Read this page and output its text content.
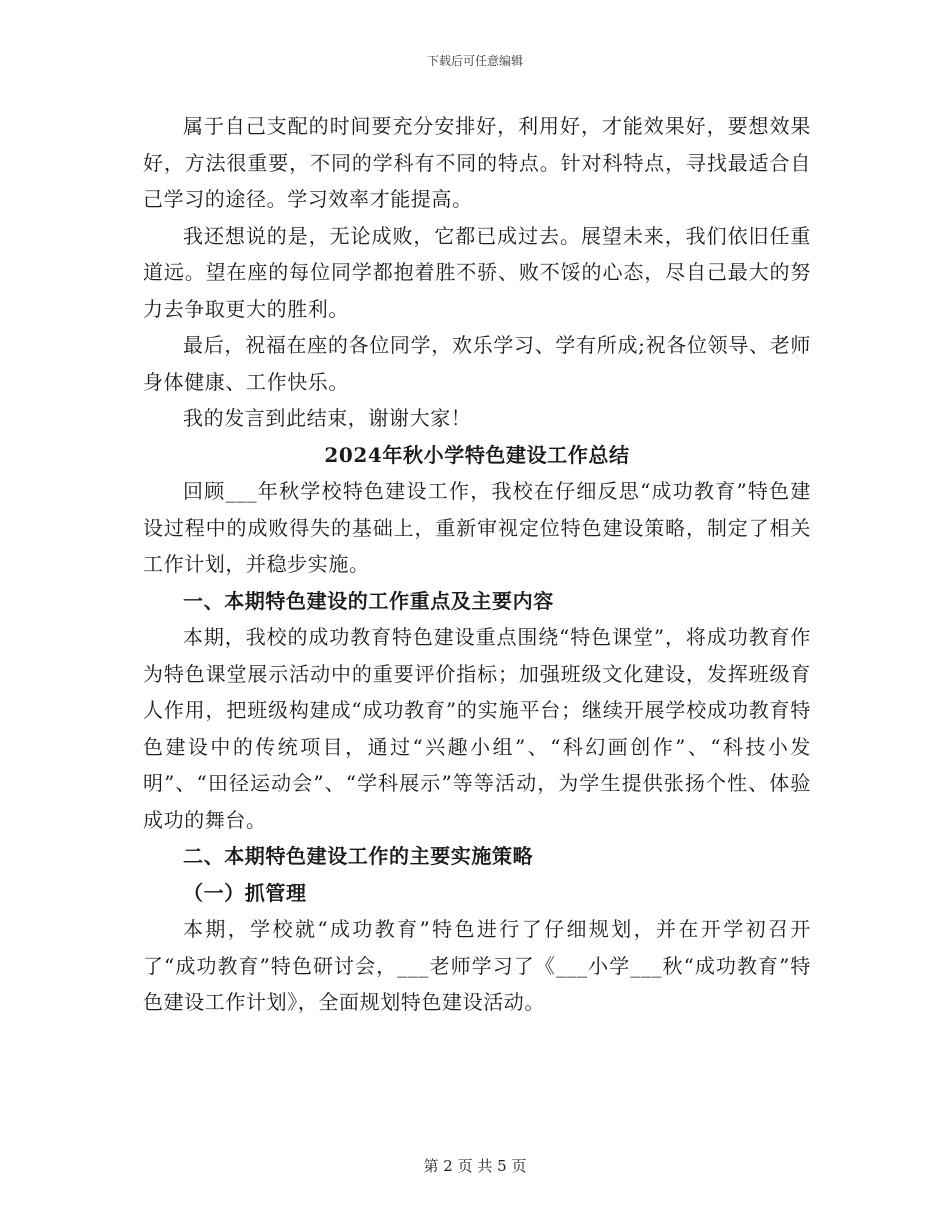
下载后可任意编辑

属于自己支配的时间要充分安排好，利用好，才能效果好，要想效果好，方法很重要，不同的学科有不同的特点。针对科特点，寻找最适合自己学习的途径。学习效率才能提高。

我还想说的是，无论成败，它都已成过去。展望未来，我们依旧任重道远。望在座的每位同学都抱着胜不骄、败不馁的心态，尽自己最大的努力去争取更大的胜利。

最后，祝福在座的各位同学，欢乐学习、学有所成;祝各位领导、老师身体健康、工作快乐。

我的发言到此结束，谢谢大家！

2024年秋小学特色建设工作总结

回顾___年秋学校特色建设工作，我校在仔细反思“成功教育”特色建设过程中的成败得失的基础上，重新审视定位特色建设策略，制定了相关工作计划，并稳步实施。

一、本期特色建设的工作重点及主要内容

本期，我校的成功教育特色建设重点围绕“特色课堂”，将成功教育作为特色课堂展示活动中的重要评价指标；加强班级文化建设，发挥班级育人作用，把班级构建成“成功教育”的实施平台；继续开展学校成功教育特色建设中的传统项目，通过“兴趣小组”、“科幻画创作”、“科技小发明”、“田径运动会”、“学科展示”等等活动，为学生提供张扬个性、体验成功的舞台。

二、本期特色建设工作的主要实施策略

（一）抓管理

本期，学校就“成功教育”特色进行了仔细规划，并在开学初召开了“成功教育”特色研讨会，___老师学习了《___小学___秋“成功教育”特色建设工作计划》，全面规划特色建设活动。

第 2 页 共 5 页
